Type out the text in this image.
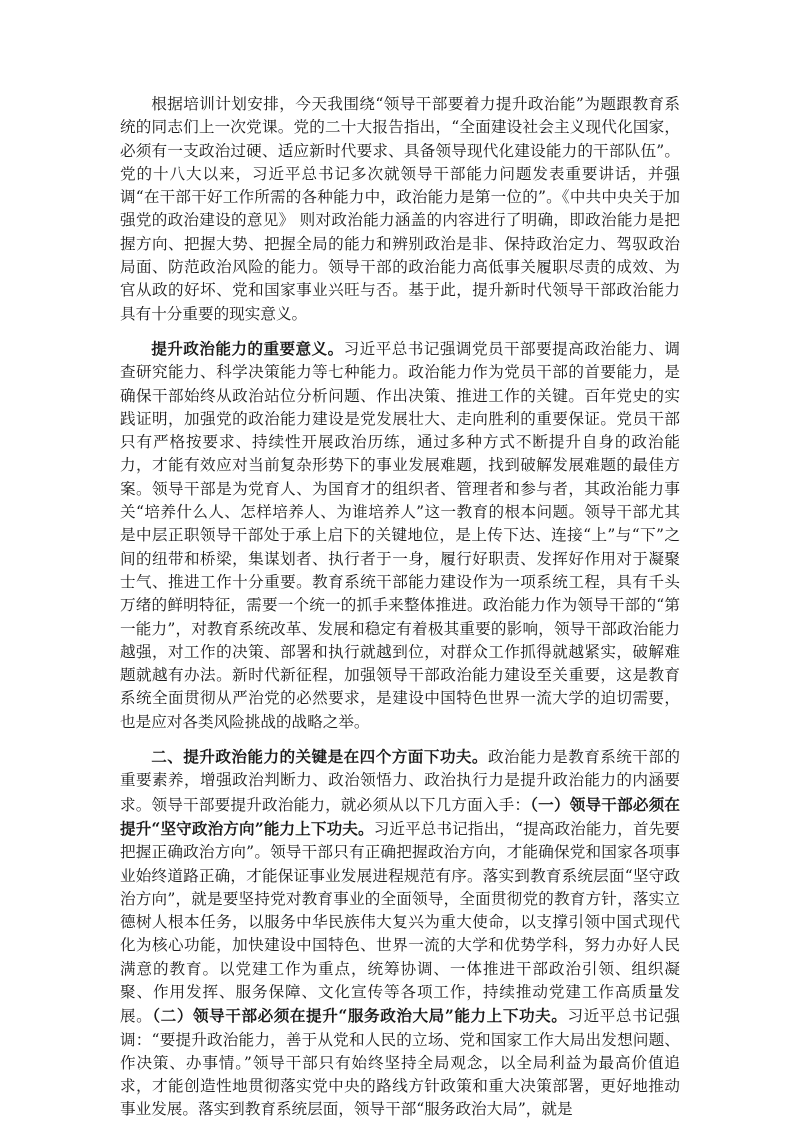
根据培训计划安排，今天我围绕“领导干部要着力提升政治能”为题跟教育系统的同志们上一次党课。党的二十大报告指出，“全面建设社会主义现代化国家，必须有一支政治过硬、适应新时代要求、具备领导现代化建设能力的干部队伍”。党的十八大以来，习近平总书记多次就领导干部能力问题发表重要讲话，并强调“在干部干好工作所需的各种能力中，政治能力是第一位的”。《中共中央关于加强党的政治建设的意见》 则对政治能力涵盖的内容进行了明确，即政治能力是把握方向、把握大势、把握全局的能力和辨别政治是非、保持政治定力、驾驭政治局面、防范政治风险的能力。领导干部的政治能力高低事关履职尽责的成效、为官从政的好坏、党和国家事业兴旺与否。基于此，提升新时代领导干部政治能力具有十分重要的现实意义。

提升政治能力的重要意义。习近平总书记强调党员干部要提高政治能力、调查研究能力、科学决策能力等七种能力。政治能力作为党员干部的首要能力，是确保干部始终从政治站位分析问题、作出决策、推进工作的关键。百年党史的实践证明，加强党的政治能力建设是党发展壮大、走向胜利的重要保证。党员干部只有严格按要求、持续性开展政治历练，通过多种方式不断提升自身的政治能力，才能有效应对当前复杂形势下的事业发展难题，找到破解发展难题的最佳方案。领导干部是为党育人、为国育才的组织者、管理者和参与者，其政治能力事关“培养什么人、怎样培养人、为谁培养人”这一教育的根本问题。领导干部尤其是中层正职领导干部处于承上启下的关键地位，是上传下达、连接“上”与“下”之间的纽带和桥梁，集谋划者、执行者于一身，履行好职责、发挥好作用对于凝聚士气、推进工作十分重要。教育系统干部能力建设作为一项系统工程，具有千头万绪的鲜明特征，需要一个统一的抓手来整体推进。政治能力作为领导干部的“第一能力”，对教育系统改革、发展和稳定有着极其重要的影响，领导干部政治能力越强，对工作的决策、部署和执行就越到位，对群众工作抓得就越紧实，破解难题就越有办法。新时代新征程，加强领导干部政治能力建设至关重要，这是教育系统全面贯彻从严治党的必然要求，是建设中国特色世界一流大学的迫切需要，也是应对各类风险挑战的战略之举。

二、提升政治能力的关键是在四个方面下功夫。政治能力是教育系统干部的重要素养，增强政治判断力、政治领悟力、政治执行力是提升政治能力的内涵要求。领导干部要提升政治能力，就必须从以下几方面入手：（一）领导干部必须在提升“坚守政治方向”能力上下功夫。习近平总书记指出，“提高政治能力，首先要把握正确政治方向”。领导干部只有正确把握政治方向，才能确保党和国家各项事业始终道路正确，才能保证事业发展进程规范有序。落实到教育系统层面“坚守政治方向”，就是要坚持党对教育事业的全面领导，全面贯彻党的教育方针，落实立德树人根本任务，以服务中华民族伟大复兴为重大使命，以支撑引领中国式现代化为核心功能，加快建设中国特色、世界一流的大学和优势学科，努力办好人民满意的教育。以党建工作为重点，统筹协调、一体推进干部政治引领、组织凝聚、作用发挥、服务保障、文化宣传等各项工作，持续推动党建工作高质量发展。（二）领导干部必须在提升“服务政治大局”能力上下功夫。习近平总书记强调：“要提升政治能力，善于从党和人民的立场、党和国家工作大局出发想问题、作决策、办事情。”领导干部只有始终坚持全局观念，以全局利益为最高价值追求，才能创造性地贯彻落实党中央的路线方针政策和重大决策部署，更好地推动事业发展。落实到教育系统层面，领导干部“服务政治大局”，就是
